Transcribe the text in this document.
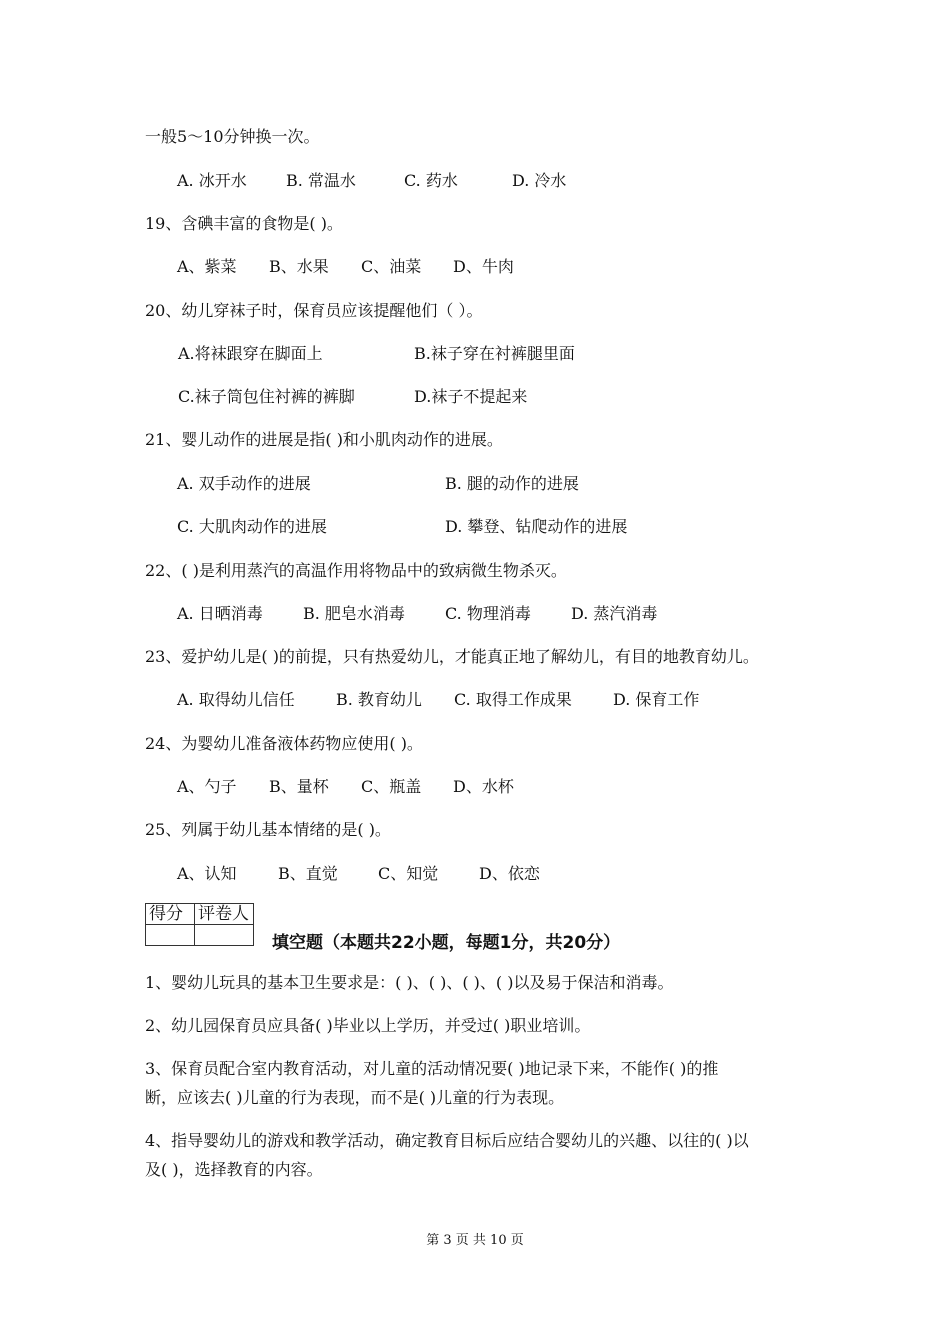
一般5～10分钟换一次。
A. 冰开水 B. 常温水	C. 药水	D. 冷水
19、含碘丰富的食物是( )。
A、紫菜 B、水果 C、油菜 D、牛肉
20、幼儿穿袜子时，保育员应该提醒他们（ ）。
A.将袜跟穿在脚面上	B.袜子穿在衬裤腿里面
C.袜子筒包住衬裤的裤脚	D.袜子不提起来
21、婴儿动作的进展是指( )和小肌肉动作的进展。
A. 双手动作的进展	B. 腿的动作的进展
C. 大肌肉动作的进展	D. 攀登、钻爬动作的进展
22、( )是利用蒸汽的高温作用将物品中的致病微生物杀灭。
A. 日晒消毒	B. 肥皂水消毒	C. 物理消毒	D. 蒸汽消毒
23、爱护幼儿是( )的前提，只有热爱幼儿，才能真正地了解幼儿，有目的地教育幼儿。
A. 取得幼儿信任	B. 教育幼儿 C. 取得工作成果	D. 保育工作
24、为婴幼儿准备液体药物应使用( )。
A、勺子 B、量杯 C、瓶盖 D、水杯
25、列属于幼儿基本情绪的是( )。
A、认知	B、直觉	C、知觉	D、依恋
得分	评卷人

填空题（本题共22小题，每题1分，共20分）
1、婴幼儿玩具的基本卫生要求是：( )、( )、( )、( )以及易于保洁和消毒。
2、幼儿园保育员应具备( )毕业以上学历，并受过( )职业培训。
3、保育员配合室内教育活动，对儿童的活动情况要( )地记录下来，不能作( )的推
断，应该去( )儿童的行为表现，而不是( )儿童的行为表现。
4、指导婴幼儿的游戏和教学活动，确定教育目标后应结合婴幼儿的兴趣、以往的( )以
及( )，选择教育的内容。
第 3 页 共 10 页
